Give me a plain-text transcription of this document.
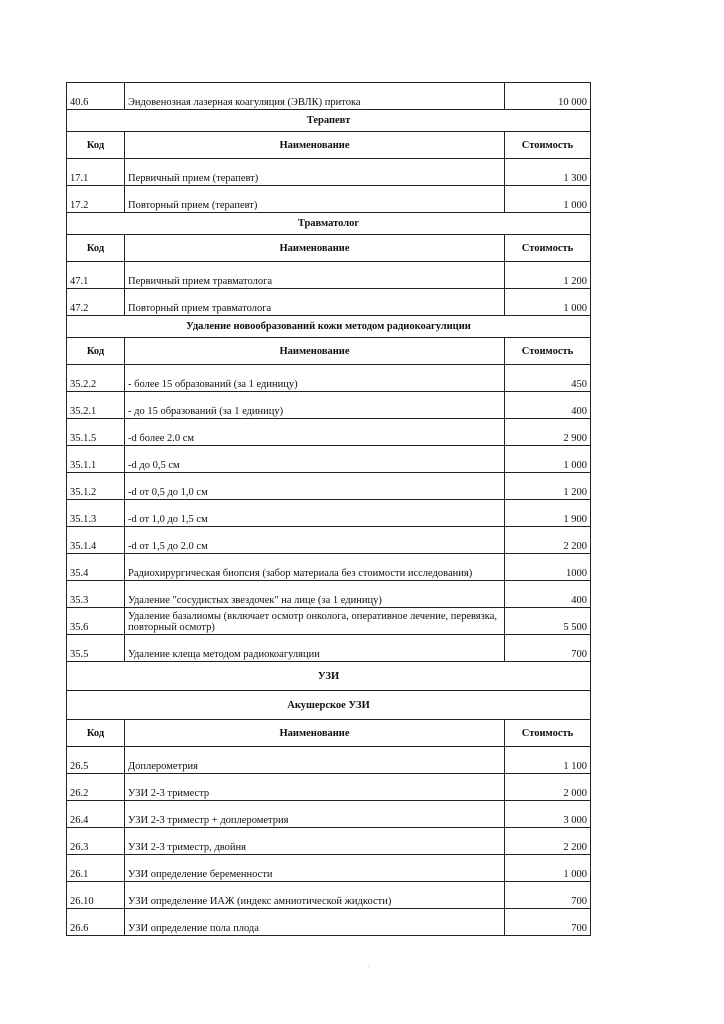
40.6	Эндовенозная лазерная коагуляция (ЭВЛК) притока	10 000
Терапевт		
Код	Наименование	Стоимость
17.1	Первичный прием (терапевт)	1 300
17.2	Повторный прием (терапевт)	1 000
Травматолог		
Код	Наименование	Стоимость
47.1	Первичный прием травматолога	1 200
47.2	Повторный прием травматолога	1 000
Удаление новообразований кожи методом радиокоагулиции		
Код	Наименование	Стоимость
35.2.2	- более 15 образований (за 1 единицу)	450
35.2.1	- до 15 образований (за 1 единицу)	400
35.1.5	-d более 2.0 см	2 900
35.1.1	-d до 0,5 см	1 000
35.1.2	-d от 0,5 до 1,0 см	1 200
35.1.3	-d от 1,0 до 1,5 см	1 900
35.1.4	-d от 1,5 до 2.0 см	2 200
35.4	Радиохирургическая биопсия (забор материала без стоимости исследования)	1000
35.3	Удаление "сосудистых звездочек" на лице (за 1 единицу)	400
35.6	Удаление базалиомы (включает осмотр онколога, оперативное лечение, перевязка, повторный осмотр)	5 500
35.5	Удаление клеща методом радиокоагуляции	700
УЗИ		
Акушерское УЗИ		
Код	Наименование	Стоимость
26.5	Доплерометрия	1 100
26.2	УЗИ 2-3 триместр	2 000
26.4	УЗИ 2-3 триместр + доплерометрия	3 000
26.3	УЗИ 2-3 триместр, двойня	2 200
26.1	УЗИ определение беременности	1 000
26.10	УЗИ определение ИАЖ (индекс амниотической жидкости)	700
26.6	УЗИ определение пола плода	700
.
